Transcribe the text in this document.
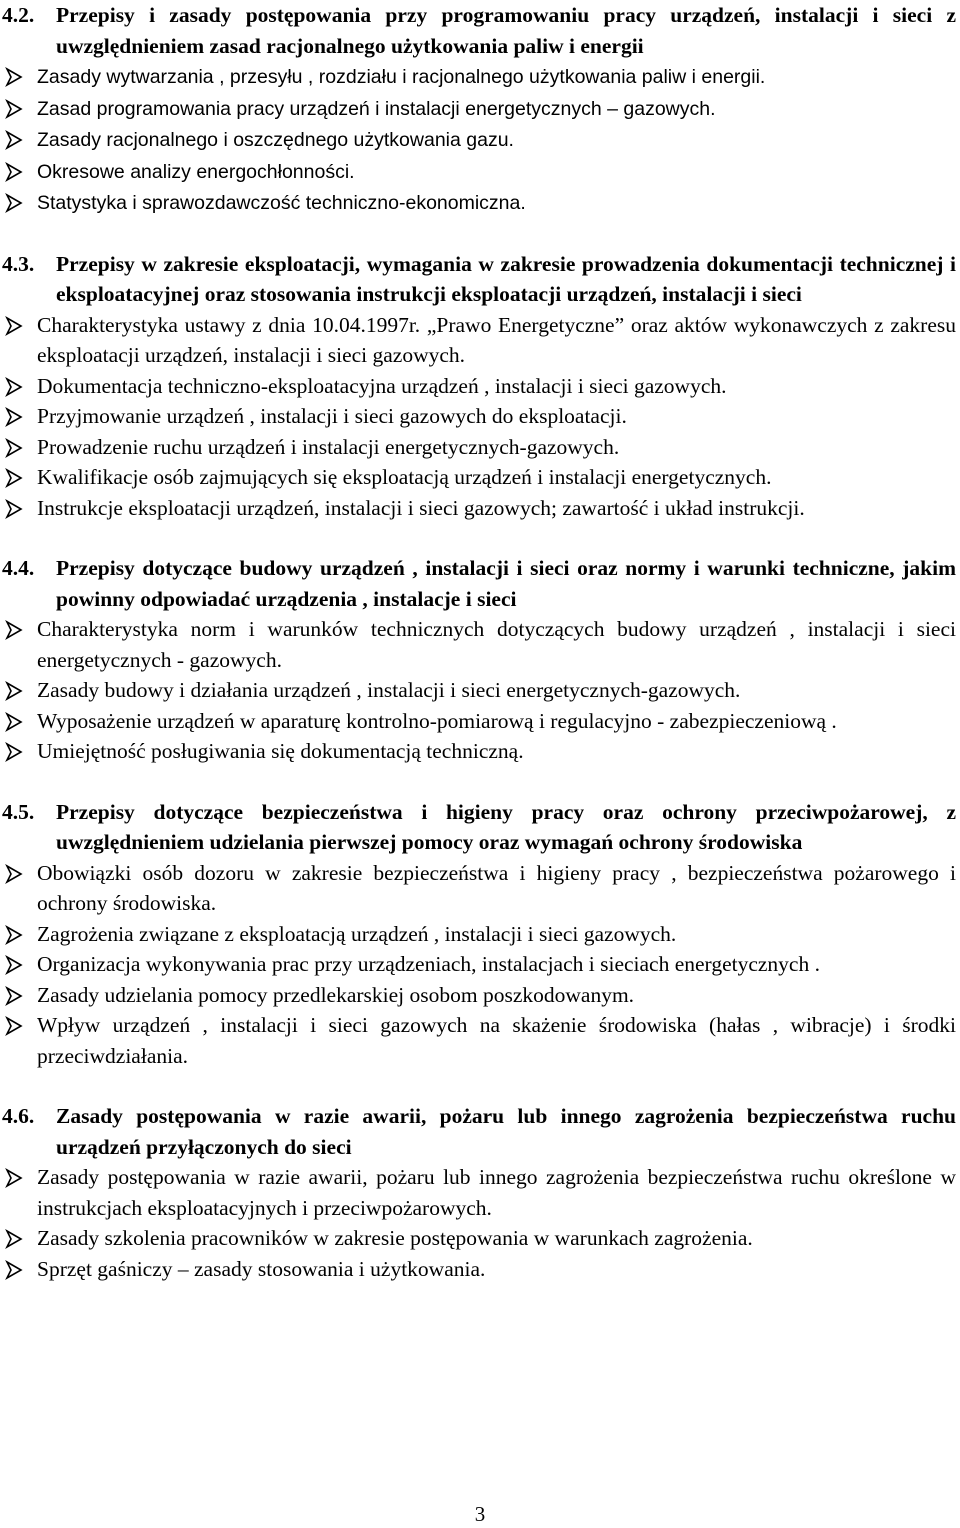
4.2. Przepisy i zasady postępowania przy programowaniu pracy urządzeń, instalacji i sieci z uwzględnieniem zasad racjonalnego użytkowania paliw i energii
Zasady wytwarzania , przesyłu , rozdziału i racjonalnego użytkowania paliw i energii.
Zasad programowania pracy urządzeń i instalacji energetycznych – gazowych.
Zasady racjonalnego i oszczędnego użytkowania gazu.
Okresowe analizy energochłonności.
Statystyka i sprawozdawczość techniczno-ekonomiczna.
4.3. Przepisy w zakresie eksploatacji, wymagania w zakresie prowadzenia dokumentacji technicznej i eksploatacyjnej oraz stosowania instrukcji eksploatacji urządzeń, instalacji i sieci
Charakterystyka ustawy z dnia 10.04.1997r. „Prawo Energetyczne” oraz aktów wykonawczych z zakresu eksploatacji urządzeń, instalacji i sieci gazowych.
Dokumentacja techniczno-eksploatacyjna urządzeń , instalacji i sieci gazowych.
Przyjmowanie urządzeń , instalacji i sieci gazowych do eksploatacji.
Prowadzenie ruchu urządzeń i instalacji energetycznych-gazowych.
Kwalifikacje osób zajmujących się eksploatacją urządzeń i instalacji energetycznych.
Instrukcje eksploatacji urządzeń, instalacji i sieci gazowych; zawartość i układ instrukcji.
4.4. Przepisy dotyczące budowy urządzeń , instalacji i sieci oraz normy i warunki techniczne, jakim powinny odpowiadać urządzenia , instalacje i sieci
Charakterystyka norm i warunków technicznych dotyczących budowy urządzeń , instalacji i sieci energetycznych - gazowych.
Zasady budowy i działania urządzeń , instalacji i sieci energetycznych-gazowych.
Wyposażenie urządzeń w aparaturę kontrolno-pomiarową i regulacyjno - zabezpieczeniową .
Umiejętność posługiwania się dokumentacją techniczną.
4.5. Przepisy dotyczące bezpieczeństwa i higieny pracy oraz ochrony przeciwpożarowej, z uwzględnieniem udzielania pierwszej pomocy oraz wymagań ochrony środowiska
Obowiązki osób dozoru w zakresie bezpieczeństwa i higieny pracy , bezpieczeństwa pożarowego i ochrony środowiska.
Zagrożenia związane z eksploatacją urządzeń , instalacji i sieci gazowych.
Organizacja wykonywania prac przy urządzeniach, instalacjach i sieciach energetycznych .
Zasady udzielania pomocy przedlekarskiej osobom poszkodowanym.
Wpływ urządzeń , instalacji i sieci gazowych na skażenie środowiska (hałas , wibracje) i środki przeciwdziałania.
4.6. Zasady postępowania w razie awarii, pożaru lub innego zagrożenia bezpieczeństwa ruchu urządzeń przyłączonych do sieci
Zasady postępowania w razie awarii, pożaru lub innego zagrożenia bezpieczeństwa ruchu określone w instrukcjach eksploatacyjnych i przeciwpożarowych.
Zasady szkolenia pracowników w zakresie postępowania w warunkach zagrożenia.
Sprzęt gaśniczy – zasady stosowania i użytkowania.
3
